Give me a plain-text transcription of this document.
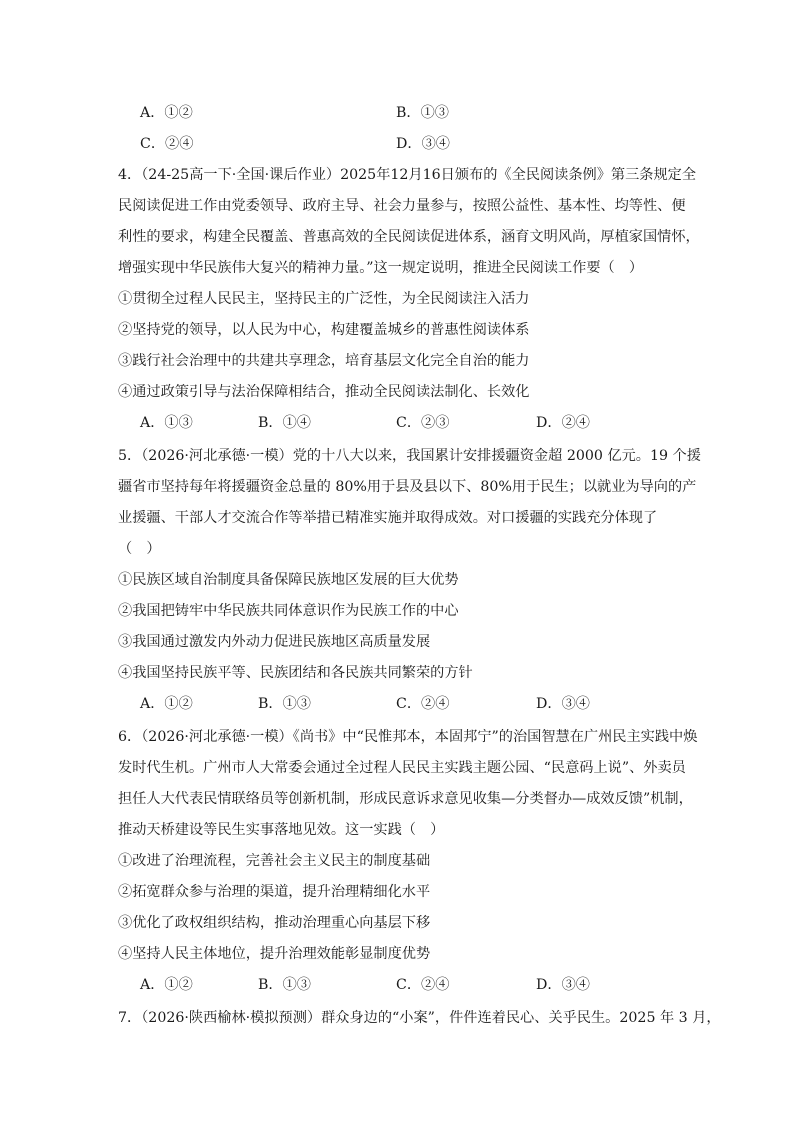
A．①②	B．①③
C．②④	D．③④
4．（24-25高一下·全国·课后作业）2025年12月16日颁布的《全民阅读条例》第三条规定全
民阅读促进工作由党委领导、政府主导、社会力量参与，按照公益性、基本性、均等性、便
利性的要求，构建全民覆盖、普惠高效的全民阅读促进体系，涵育文明风尚，厚植家国情怀，
增强实现中华民族伟大复兴的精神力量。”这一规定说明，推进全民阅读工作要（　）
①贯彻全过程人民民主，坚持民主的广泛性，为全民阅读注入活力
②坚持党的领导，以人民为中心，构建覆盖城乡的普惠性阅读体系
③践行社会治理中的共建共享理念，培育基层文化完全自治的能力
④通过政策引导与法治保障相结合，推动全民阅读法制化、长效化
A．①③	B．①④	C．②③	D．②④
5．（2026·河北承德·一模）党的十八大以来，我国累计安排援疆资金超 2000 亿元。19 个援
疆省市坚持每年将援疆资金总量的 80%用于县及县以下、80%用于民生；以就业为导向的产
业援疆、干部人才交流合作等举措已精准实施并取得成效。对口援疆的实践充分体现了
（　）
①民族区域自治制度具备保障民族地区发展的巨大优势
②我国把铸牢中华民族共同体意识作为民族工作的中心
③我国通过激发内外动力促进民族地区高质量发展
④我国坚持民族平等、民族团结和各民族共同繁荣的方针
A．①②	B．①③	C．②④	D．③④
6．（2026·河北承德·一模）《尚书》中“民惟邦本，本固邦宁”的治国智慧在广州民主实践中焕
发时代生机。广州市人大常委会通过全过程人民民主实践主题公园、“民意码上说”、外卖员
担任人大代表民情联络员等创新机制，形成民意诉求意见收集—分类督办—成效反馈”机制，
推动天桥建设等民生实事落地见效。这一实践（　）
①改进了治理流程，完善社会主义民主的制度基础
②拓宽群众参与治理的渠道，提升治理精细化水平
③优化了政权组织结构，推动治理重心向基层下移
④坚持人民主体地位，提升治理效能彰显制度优势
A．①②	B．①③	C．②④	D．③④
7．（2026·陕西榆林·模拟预测）群众身边的“小案”，件件连着民心、关乎民生。2025 年 3 月，
